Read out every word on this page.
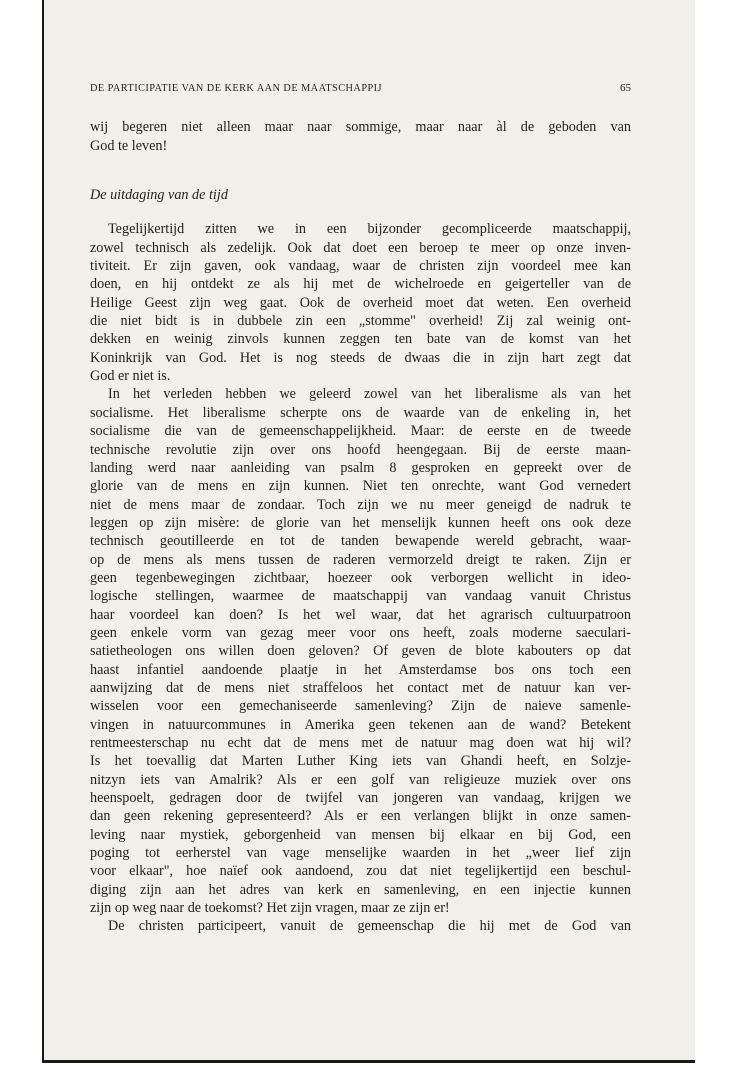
DE PARTICIPATIE VAN DE KERK AAN DE MAATSCHAPPIJ	65

wij begeren niet alleen maar naar sommige, maar naar àl de geboden van
God te leven!

De uitdaging van de tijd

Tegelijkertijd zitten we in een bijzonder gecompliceerde maatschappij,
zowel technisch als zedelijk. Ook dat doet een beroep te meer op onze inven-
tiviteit. Er zijn gaven, ook vandaag, waar de christen zijn voordeel mee kan
doen, en hij ontdekt ze als hij met de wichelroede en geigerteller van de
Heilige Geest zijn weg gaat. Ook de overheid moet dat weten. Een overheid
die niet bidt is in dubbele zin een „stomme" overheid! Zij zal weinig ont-
dekken en weinig zinvols kunnen zeggen ten bate van de komst van het
Koninkrijk van God. Het is nog steeds de dwaas die in zijn hart zegt dat
God er niet is.

In het verleden hebben we geleerd zowel van het liberalisme als van het
socialisme. Het liberalisme scherpte ons de waarde van de enkeling in, het
socialisme die van de gemeenschappelijkheid. Maar: de eerste en de tweede
technische revolutie zijn over ons hoofd heengegaan. Bij de eerste maan-
landing werd naar aanleiding van psalm 8 gesproken en gepreekt over de
glorie van de mens en zijn kunnen. Niet ten onrechte, want God vernedert
niet de mens maar de zondaar. Toch zijn we nu meer geneigd de nadruk te
leggen op zijn misère: de glorie van het menselijk kunnen heeft ons ook deze
technisch geoutilleerde en tot de tanden bewapende wereld gebracht, waar-
op de mens als mens tussen de raderen vermorzeld dreigt te raken. Zijn er
geen tegenbewegingen zichtbaar, hoezeer ook verborgen wellicht in ideo-
logische stellingen, waarmee de maatschappij van vandaag vanuit Christus
haar voordeel kan doen? Is het wel waar, dat het agrarisch cultuurpatroon
geen enkele vorm van gezag meer voor ons heeft, zoals moderne saeculari-
satietheologen ons willen doen geloven? Of geven de blote kabouters op dat
haast infantiel aandoende plaatje in het Amsterdamse bos ons toch een
aanwijzing dat de mens niet straffeloos het contact met de natuur kan ver-
wisselen voor een gemechaniseerde samenleving? Zijn de naieve samenle-
vingen in natuurcommunes in Amerika geen tekenen aan de wand? Betekent
rentmeesterschap nu echt dat de mens met de natuur mag doen wat hij wil?
Is het toevallig dat Marten Luther King iets van Ghandi heeft, en Solzje-
nitzyn iets van Amalrik? Als er een golf van religieuze muziek over ons
heenspoelt, gedragen door de twijfel van jongeren van vandaag, krijgen we
dan geen rekening gepresenteerd? Als er een verlangen blijkt in onze samen-
leving naar mystiek, geborgenheid van mensen bij elkaar en bij God, een
poging tot eerherstel van vage menselijke waarden in het „weer lief zijn
voor elkaar", hoe naïef ook aandoend, zou dat niet tegelijkertijd een beschul-
diging zijn aan het adres van kerk en samenleving, en een injectie kunnen
zijn op weg naar de toekomst? Het zijn vragen, maar ze zijn er!

De christen participeert, vanuit de gemeenschap die hij met de God van
